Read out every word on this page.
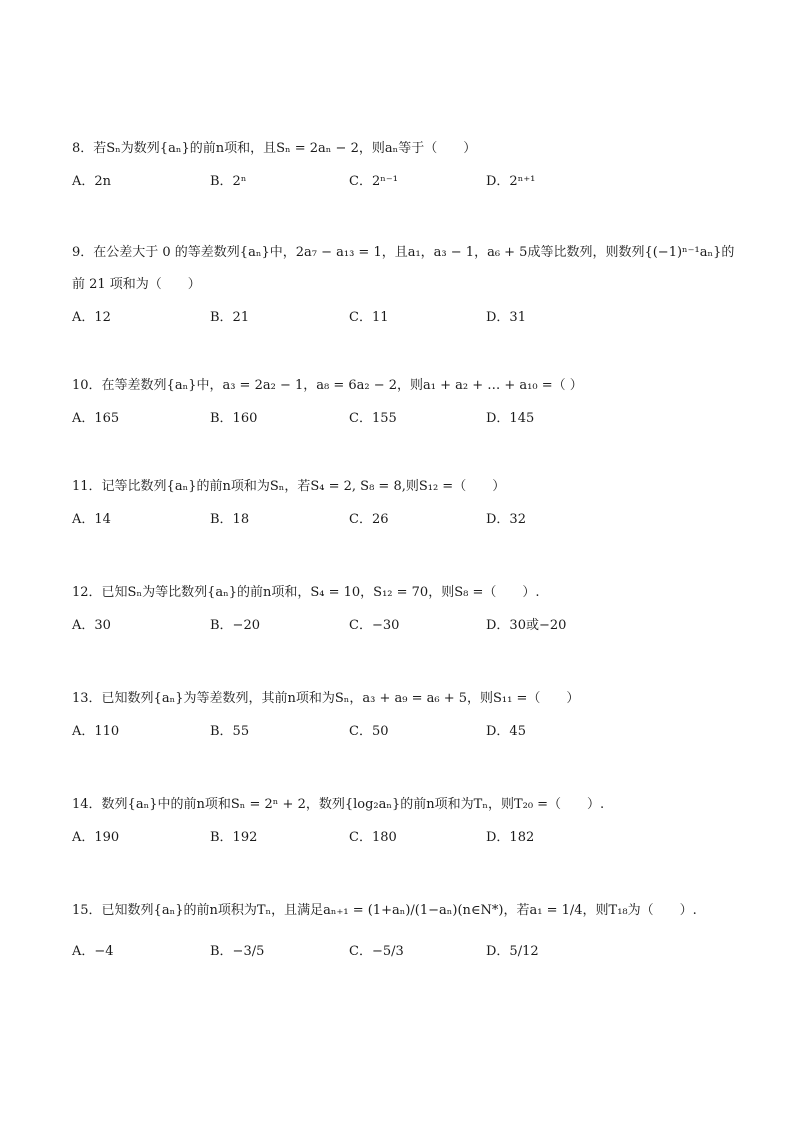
8．若Sₙ为数列{aₙ}的前n项和，且Sₙ = 2aₙ − 2，则aₙ等于（　　）
A．2n	B．2ⁿ	C．2ⁿ⁻¹	D．2ⁿ⁺¹
9．在公差大于 0 的等差数列{aₙ}中，2a₇ − a₁₃ = 1，且a₁，a₃ − 1，a₆ + 5成等比数列，则数列{(−1)ⁿ⁻¹aₙ}的
前 21 项和为（　　）
A．12	B．21	C．11	D．31
10．在等差数列{aₙ}中，a₃ = 2a₂ − 1，a₈ = 6a₂ − 2，则a₁ + a₂ + … + a₁₀ =（ ）
A．165	B．160	C．155	D．145
11．记等比数列{aₙ}的前n项和为Sₙ，若S₄ = 2, S₈ = 8,则S₁₂ =（　　）
A．14	B．18	C．26	D．32
12．已知Sₙ为等比数列{aₙ}的前n项和，S₄ = 10，S₁₂ = 70，则S₈ =（　　）.
A．30	B．−20	C．−30	D．30或−20
13．已知数列{aₙ}为等差数列，其前n项和为Sₙ，a₃ + a₉ = a₆ + 5，则S₁₁ =（　　）
A．110	B．55	C．50	D．45
14．数列{aₙ}中的前n项和Sₙ = 2ⁿ + 2，数列{log₂aₙ}的前n项和为Tₙ，则T₂₀ =（　　）.
A．190	B．192	C．180	D．182
15．已知数列{aₙ}的前n项积为Tₙ，且满足aₙ₊₁ = (1+aₙ)/(1−aₙ)(n∈N*)，若a₁ = 1/4，则T₁₈为（　　）.
A．−4	B．−3/5	C．−5/3	D．5/12
